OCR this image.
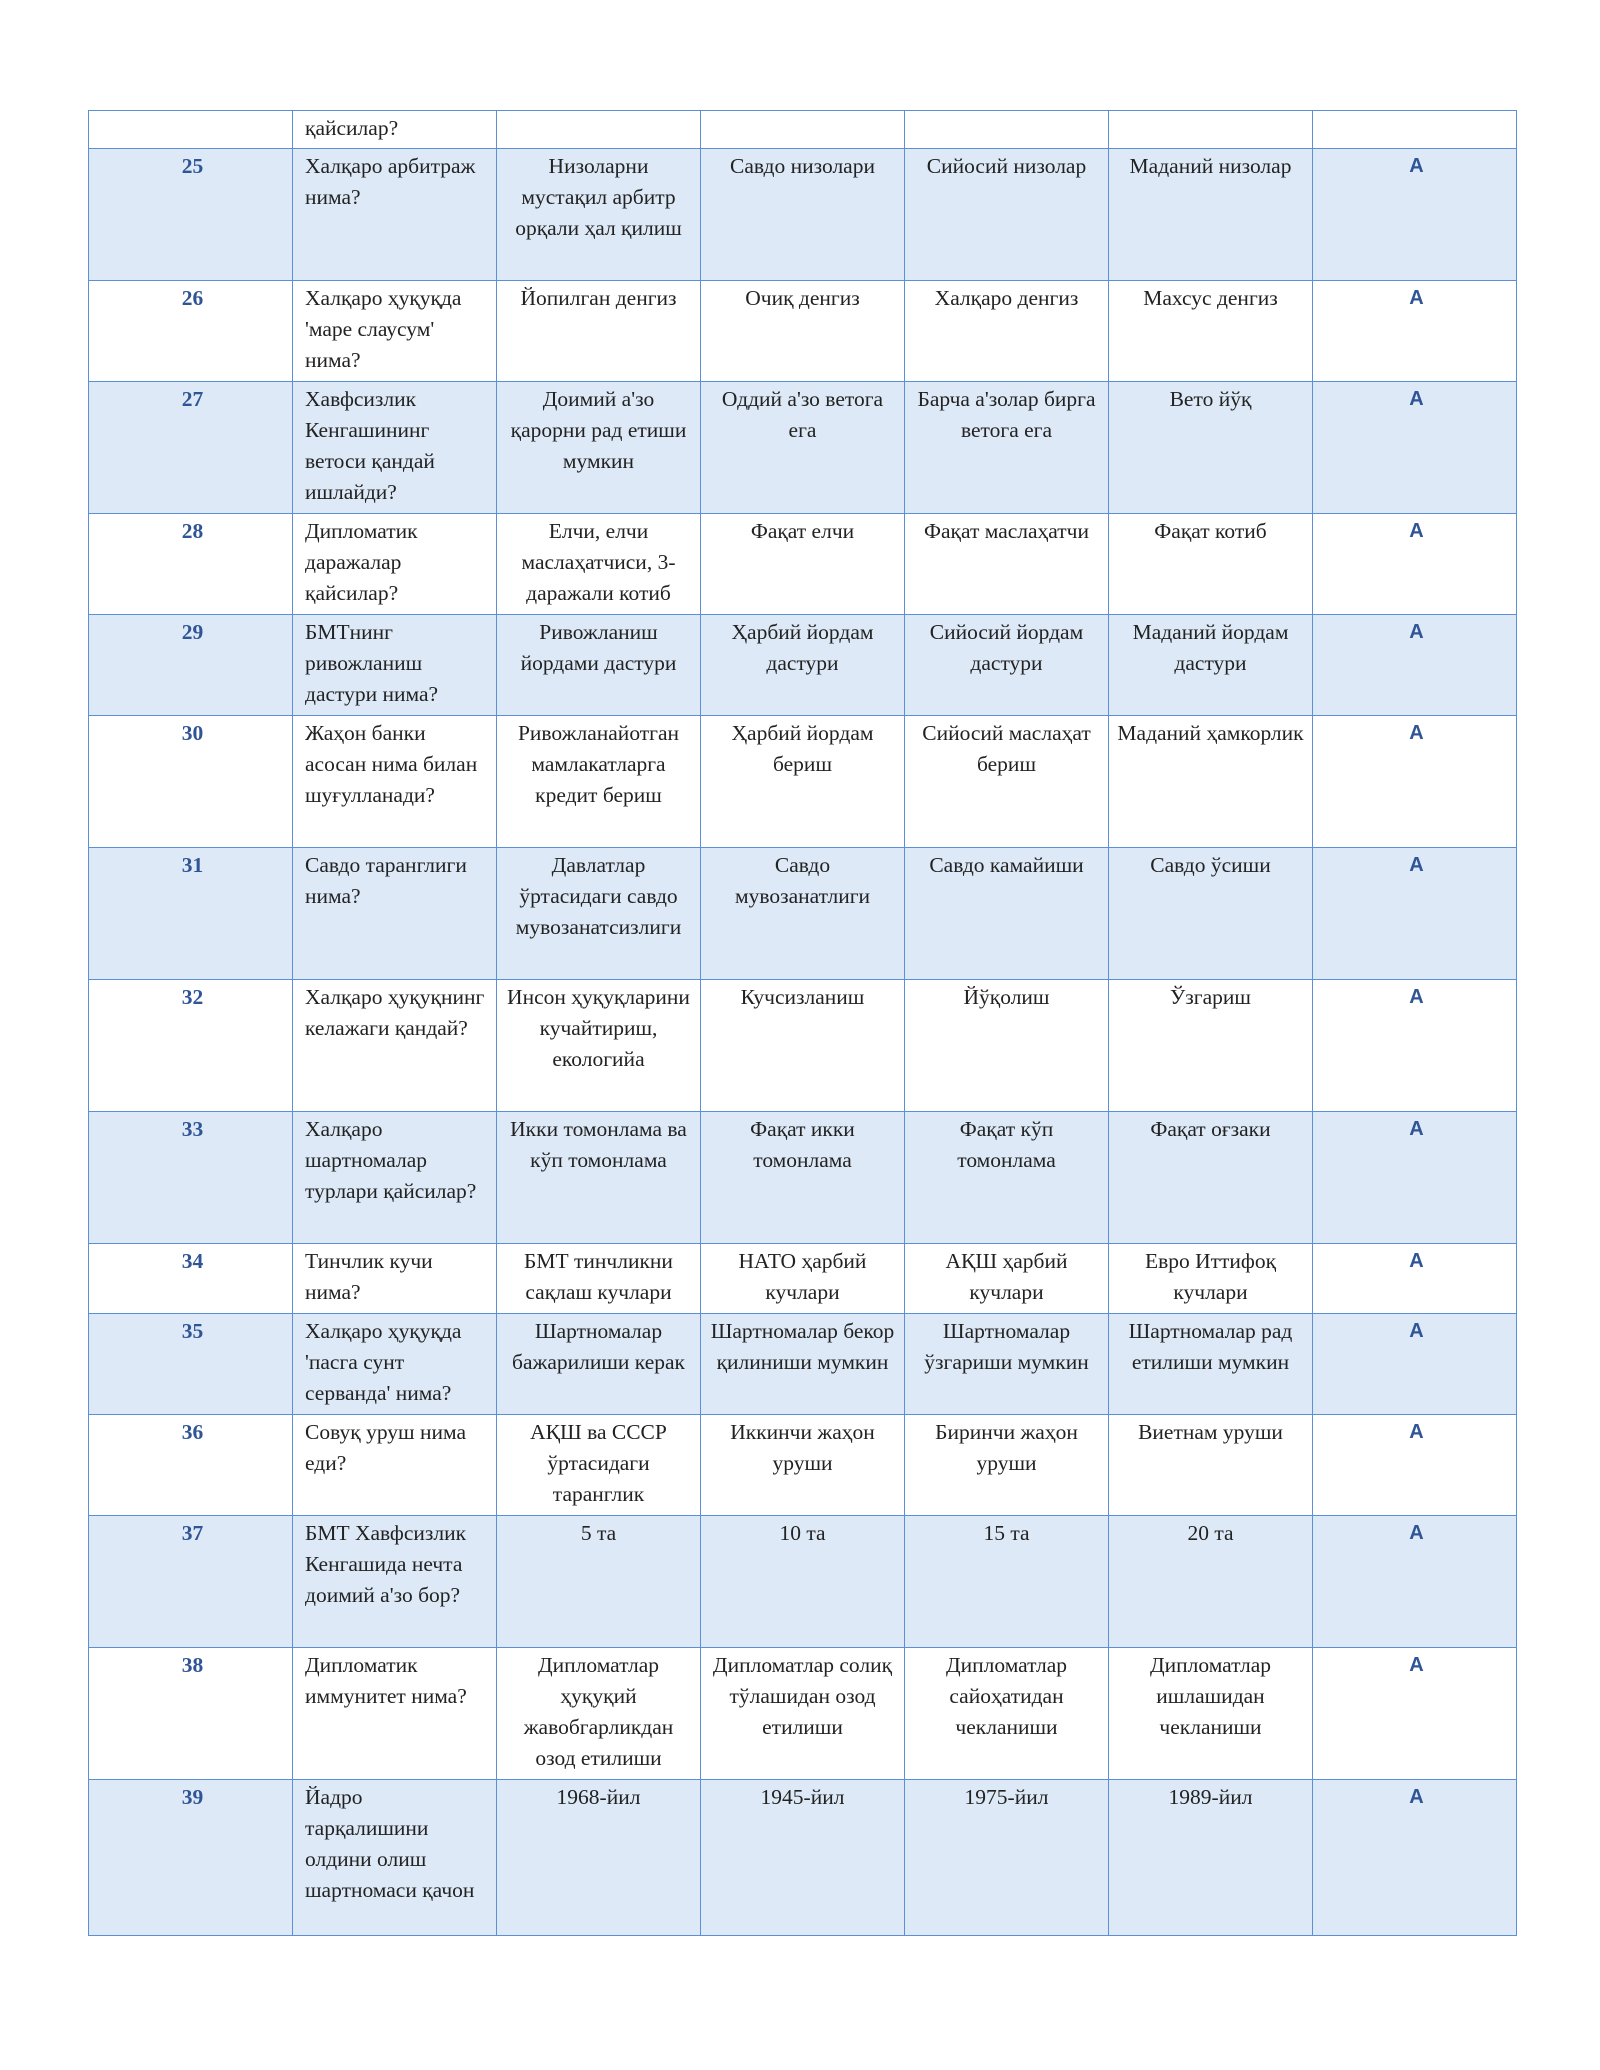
	қайсилар?					
25	Халқаро арбитраж нима?	Низоларни мустақил арбитр орқали ҳал қилиш	Савдо низолари	Сийосий низолар	Маданий низолар	A
26	Халқаро ҳуқуқда 'маре слаусум' нима?	Йопилган денгиз	Очиқ денгиз	Халқаро денгиз	Махсус денгиз	A
27	Хавфсизлик Кенгашининг ветоси қандай ишлайди?	Доимий а'зо қарорни рад етиши мумкин	Оддий а'зо ветога ега	Барча а'золар бирга ветога ега	Вето йўқ	A
28	Дипломатик даражалар қайсилар?	Елчи, елчи маслаҳатчиси, 3-даражали котиб	Фақат елчи	Фақат маслаҳатчи	Фақат котиб	A
29	БМТнинг ривожланиш дастури нима?	Ривожланиш йордами дастури	Ҳарбий йордам дастури	Сийосий йордам дастури	Маданий йордам дастури	A
30	Жаҳон банки асосан нима билан шуғулланади?	Ривожланайотган мамлакатларга кредит бериш	Ҳарбий йордам бериш	Сийосий маслаҳат бериш	Маданий ҳамкорлик	A
31	Савдо таранглиги нима?	Давлатлар ўртасидаги савдо мувозанатсизлиги	Савдо мувозанатлиги	Савдо камайиши	Савдо ўсиши	A
32	Халқаро ҳуқуқнинг келажаги қандай?	Инсон ҳуқуқларини кучайтириш, екологийа	Кучсизланиш	Йўқолиш	Ўзгариш	A
33	Халқаро шартномалар турлари қайсилар?	Икки томонлама ва кўп томонлама	Фақат икки томонлама	Фақат кўп томонлама	Фақат оғзаки	A
34	Тинчлик кучи нима?	БМТ тинчликни сақлаш кучлари	НАТО ҳарбий кучлари	АҚШ ҳарбий кучлари	Евро Иттифоқ кучлари	A
35	Халқаро ҳуқуқда 'пасга сунт серванда' нима?	Шартномалар бажарилиши керак	Шартномалар бекор қилиниши мумкин	Шартномалар ўзгариши мумкин	Шартномалар рад етилиши мумкин	A
36	Совуқ уруш нима еди?	АҚШ ва СССР ўртасидаги таранглик	Иккинчи жаҳон уруши	Биринчи жаҳон уруши	Виетнам уруши	A
37	БМТ Хавфсизлик Кенгашида нечта доимий а'зо бор?	5 та	10 та	15 та	20 та	A
38	Дипломатик иммунитет нима?	Дипломатлар ҳуқуқий жавобгарликдан озод етилиши	Дипломатлар солиқ тўлашидан озод етилиши	Дипломатлар сайоҳатидан чекланиши	Дипломатлар ишлашидан чекланиши	A
39	Йадро тарқалишини олдини олиш шартномаси қачон	1968-йил	1945-йил	1975-йил	1989-йил	A
